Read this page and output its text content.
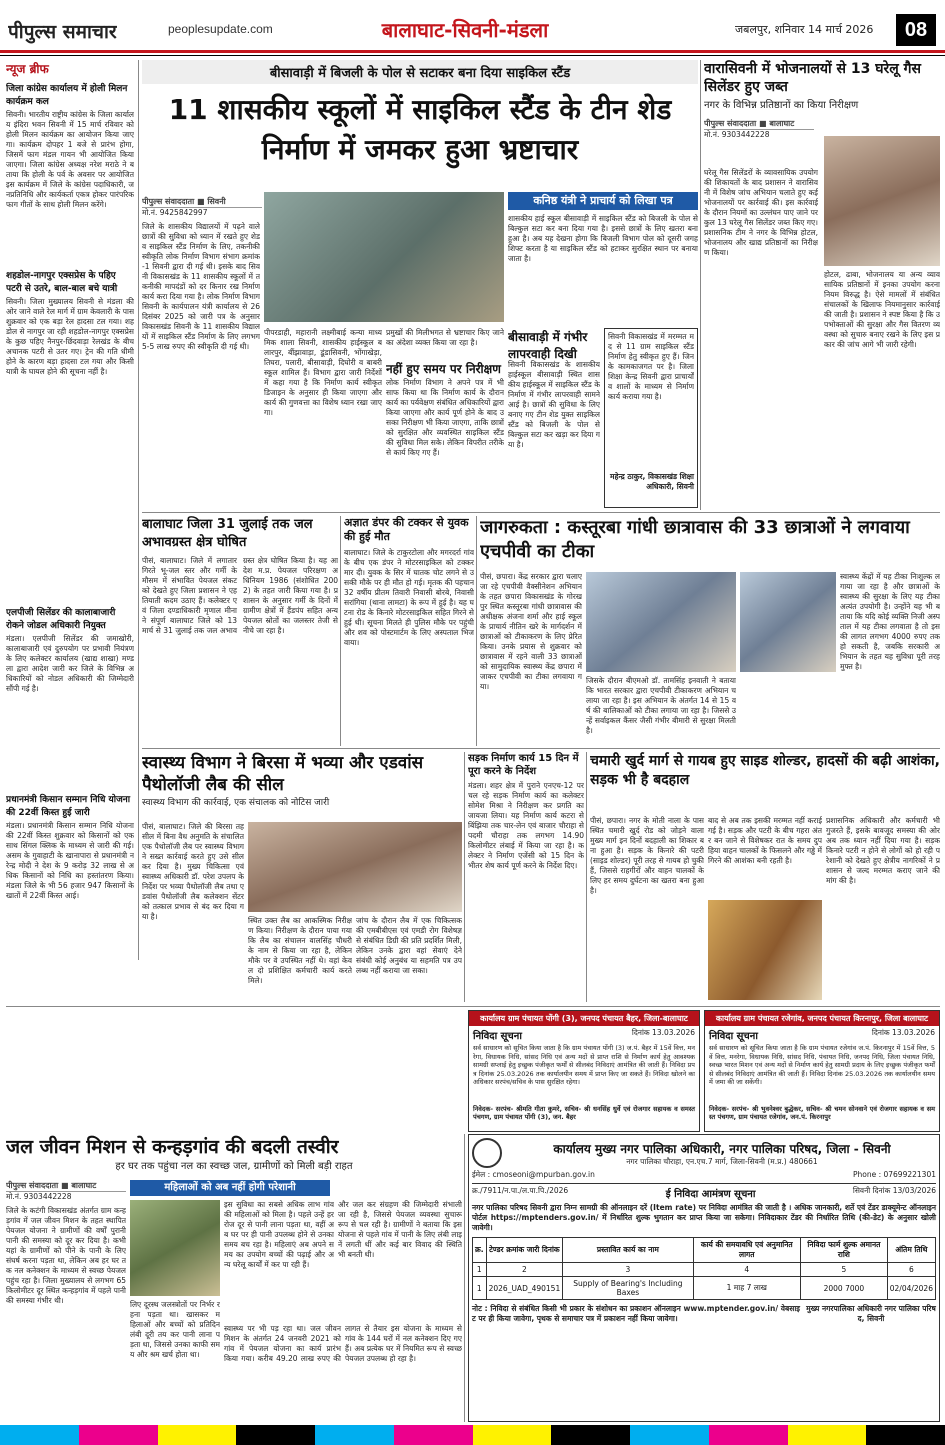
पीपुल्स समाचार	peoplesupdate.com	बालाघाट-सिवनी-मंडला	जबलपुर, शनिवार 14 मार्च 2026	08
न्यूज ब्रीफ
जिला कांग्रेस कार्यालय में होली मिलन कार्यक्रम कल
सिवनी। भारतीय राष्ट्रीय कांग्रेस के जिला कार्यालय इंदिरा भवन सिवनी में 15 मार्च रविवार को होली मिलन कार्यक्रम का आयोजन किया जाएगा। कार्यक्रम दोपहर 1 बजे से प्रारंभ होगा, जिसमें फाग मंडल गायन भी आयोजित किया जाएगा। जिला कांग्रेस अध्यक्ष नरेश मराठे ने बताया कि होली के पर्व के अवसर पर आयोजित इस कार्यक्रम में जिले के कांग्रेस पदाधिकारी, जनप्रतिनिधि और कार्यकर्ता एकत्र होकर पारंपरिक फाग गीतों के साथ होली मिलन करेंगे।
शहडोल-नागपुर एक्सप्रेस के पहिए पटरी से उतरे, बाल-बाल बचे यात्री
सिवनी। जिला मुख्यालय सिवनी से मंडला की ओर जाने वाले रेल मार्ग में ग्राम केवलारी के पास शुक्रवार को एक बड़ा रेल हादसा टल गया। शहडोल से नागपुर जा रही शहडोल-नागपुर एक्सप्रेस के कुछ पहिए नैनपुर-छिंदवाड़ा रेलखंड के बीच अचानक पटरी से उतर गए। ट्रेन की गति धीमी होने के कारण बड़ा हादसा टल गया और किसी यात्री के घायल होने की सूचना नहीं है।
एलपीजी सिलेंडर की कालाबाजारी रोकने जोडल अधिकारी नियुक्त
मंडला। एलपीजी सिलेंडर की जमाखोरी, कालाबाजारी एवं दुरुपयोग पर प्रभावी नियंत्रण के लिए कलेक्टर कार्यालय (खाद्य शाखा) मण्डला द्वारा आदेश जारी कर जिले के विभिन्न अधिकारियों को नोडल अधिकारी की जिम्मेदारी सौंपी गई है।
प्रधानमंत्री किसान सम्मान निधि योजना की 22वीं किस्त हुई जारी
मंडला। प्रधानमंत्री किसान सम्मान निधि योजना की 22वीं किस्त शुक्रवार को किसानों को एकसाथ सिंगल क्लिक के माध्यम से जारी की गई। असम के गुवाहाटी के खानापारा से प्रधानमंत्री नरेन्द्र मोदी ने देश के 9 करोड़ 32 लाख से अधिक किसानों को निधि का हस्तांतरण किया। मंडला जिले के भी 56 हजार 947 किसानों के खातों में 22वीं किस्त आई।
बीसावाड़ी में बिजली के पोल से सटाकर बना दिया साइकिल स्टैंड
11 शासकीय स्कूलों में साइकिल स्टैंड के टीन शेड निर्माण में जमकर हुआ भ्रष्टाचार
पीपुल्स संवाददाता ■ सिवनी
मो.नं. 9425842997
कनिष्ठ यंत्री ने प्राचार्य को लिखा पत्र
जिले के शासकीय विद्यालयों में पढ़ने वाले छात्रों की सुविधा को ध्यान में रखते हुए शेड व साइकिल स्टैंड निर्माण के लिए, तकनीकी स्वीकृति लोक निर्माण विभाग संभाग क्रमांक-1 सिवनी द्वारा दी गई थी। इसके बाद सिवनी विकासखंड के 11 शासकीय स्कूलों में तकनीकी मापदंडों को दर किनार रख निर्माण कार्य करा दिया गया है। लोक निर्माण विभाग सिवनी के कार्यपालन यंत्री कार्यालय से 26 दिसंबर 2025 को जारी पत्र के अनुसार विकासखंड सिवनी के 11 शासकीय विद्यालयों में साइकिल स्टैंड निर्माण के लिए लगभग 5-5 लाख रुपए की स्वीकृति दी गई थी।
पीपरडाही, महारानी लक्ष्मीबाई कन्या माध्यमिक शाला सिवनी, शासकीय हाईस्कूल बलारपुर, बींझावाड़ा, डूंडासिवनी, भोंगाखेड़ा, तिघरा, पलारी, बीसावाड़ी, दिघोरी व बाबरी स्कूल शामिल हैं। विभाग द्वारा जारी निर्देशों में कहा गया है कि निर्माण कार्य स्वीकृत डिजाइन के अनुसार ही किया जाएगा और कार्य की गुणवत्ता का विशेष ध्यान रखा जाएगा।
प्रमुखों की मिलीभगत से भ्रष्टाचार किए जाने का अंदेशा व्यक्त किया जा रहा है।
नहीं हुए समय पर निरीक्षण
लोक निर्माण विभाग ने अपने पत्र में भी साफ किया था कि निर्माण कार्य के दौरान कार्य का पर्यवेक्षण संबंधित अधिकारियों द्वारा किया जाएगा और कार्य पूर्ण होने के बाद उसका निरीक्षण भी किया जाएगा, ताकि छात्रों को सुरक्षित और व्यवस्थित साइकिल स्टैंड की सुविधा मिल सके। लेकिन विपरीत तरीके से कार्य किए गए हैं।
शासकीय हाई स्कूल बीसावाड़ी में साइकिल स्टैंड को बिजली के पोल से बिल्कुल सटा कर बना दिया गया है। इससे छात्रों के लिए खतरा बना हुआ है। अब यह देखना होगा कि बिजली विभाग पोल को दूसरी जगह शिफ्ट करता है या साइकिल स्टैंड को हटाकर सुरक्षित स्थान पर बनाया जाता है।
बीसावाड़ी में गंभीर लापरवाही दिखी
सिवनी विकासखंड के शासकीय हाईस्कूल बीसावाड़ी स्थित शासकीय हाईस्कूल में साइकिल स्टैंड के निर्माण में गंभीर लापरवाही सामने आई है। छात्रों की सुविधा के लिए बनाए गए टीन शेड युक्त साइकिल स्टैंड को बिजली के पोल से बिल्कुल सटा कर खड़ा कर दिया गया है।
सिवनी विकासखंड में मरम्मत मद से 11 ग्राम साइकिल स्टैंड निर्माण हेतु स्वीकृत हुए हैं। जिनके कामकाजगत पर है। जिला शिक्षा केन्द्र सिवनी द्वारा प्राचार्यों व शालों के माध्यम से निर्माण कार्य कराया गया है।
महेन्द्र ठाकुर, विकासखंड शिक्षा अधिकारी, सिवनी
वारासिवनी में भोजनालयों से 13 घरेलू गैस सिलेंडर हुए जब्त
नगर के विभिन्न प्रतिष्ठानों का किया निरीक्षण
पीपुल्स संवाददाता ■ बालाघाट
मो.नं. 9303442228
घरेलू गैस सिलेंडरों के व्यावसायिक उपयोग की शिकायतों के बाद प्रशासन ने वारासिवनी में विशेष जांच अभियान चलाते हुए कई भोजनालयों पर कार्रवाई की। इस कार्रवाई के दौरान नियमों का उल्लंघन पाए जाने पर कुल 13 घरेलू गैस सिलेंडर जब्त किए गए। प्रशासनिक टीम ने नगर के विभिन्न होटल, भोजनालय और खाद्य प्रतिष्ठानों का निरीक्षण किया।
होटल, ढाबा, भोजनालय या अन्य व्यावसायिक प्रतिष्ठानों में इनका उपयोग करना नियम विरुद्ध है। ऐसे मामलों में संबंधित संचालकों के खिलाफ नियमानुसार कार्रवाई की जाती है। प्रशासन ने स्पष्ट किया है कि उपभोक्ताओं की सुरक्षा और गैस वितरण व्यवस्था को सुचारु बनाए रखने के लिए इस प्रकार की जांच आगे भी जारी रहेगी।
बालाघाट जिला 31 जुलाई तक जल अभावग्रस्त क्षेत्र घोषित
पीसं, बालाघाट। जिले में लगातार गिरते भू-जल स्तर और गर्मी के मौसम में संभावित पेयजल संकट को देखते हुए जिला प्रशासन ने एहतियाती कदम उठाए हैं। कलेक्टर एवं जिला दण्डाधिकारी मृणाल मीना ने संपूर्ण बालाघाट जिले को 13 मार्च से 31 जुलाई तक जल अभावग्रस्त क्षेत्र घोषित किया है। यह आदेश म.प्र. पेयजल परिरक्षण अधिनियम 1986 (संशोधित 2002) के तहत जारी किया गया है। प्रशासन के अनुसार गर्मी के दिनों में ग्रामीण क्षेत्रों में हैंडपंप सहित अन्य पेयजल स्रोतों का जलस्तर तेजी से नीचे जा रहा है।
अज्ञात डंपर की टक्कर से युवक की हुई मौत
बालाघाट। जिले के टाकुरटोला और मगरदर्रा गांव के बीच एक डंपर ने मोटरसाइकिल को टक्कर मार दी। युवक के सिर में घातक चोट लगने से उसकी मौके पर ही मौत हो गई। मृतक की पहचान 32 वर्षीय प्रीतम तिवारी निवासी बोरबे, निवासी सरांगिया (थाना लामटा) के रूप में हुई है। यह घटना रोड के किनारे मोटरसाइकिल सहित गिरने से हुई थी। सूचना मिलते ही पुलिस मौके पर पहुंची और शव को पोस्टमार्टम के लिए अस्पताल भिजवाया।
जागरुकता : कस्तूरबा गांधी छात्रावास की 33 छात्राओं ने लगवाया एचपीवी का टीका
पीसं, छपारा। केंद्र सरकार द्वारा चलाए जा रहे एचपीवी वैक्सीनेशन अभियान के तहत छपारा विकासखंड के गोरखपुर स्थित कस्तूरबा गांधी छात्रावास की अधीक्षक अंजना शर्मा और हाई स्कूल के प्राचार्य नीतिन खरे के मार्गदर्शन में छात्राओं को टीकाकरण के लिए प्रेरित किया। उनके प्रयास से शुक्रवार को छात्रावास में रहने वाली 33 छात्राओं को सामुदायिक स्वास्थ्य केंद्र छपारा में जाकर एचपीवी का टीका लगवाया गया।
जिसके दौरान बीएमओ डॉ. तामसिंह इनवाती ने बताया कि भारत सरकार द्वारा एचपीवी टीकाकरण अभियान चलाया जा रहा है। इस अभियान के अंतर्गत 14 से 15 वर्ष की बालिकाओं को टीका लगाया जा रहा है। जिससे उन्हें सर्वाइकल कैंसर जैसी गंभीर बीमारी से सुरक्षा मिलती है।
स्वास्थ्य केंद्रों में यह टीका निःशुल्क लगाया जा रहा है और छात्राओं के स्वास्थ्य की सुरक्षा के लिए यह टीका अत्यंत उपयोगी है। उन्होंने यह भी बताया कि यदि कोई व्यक्ति निजी अस्पताल में यह टीका लगवाता है तो इसकी लागत लगभग 4000 रुपए तक हो सकती है, जबकि सरकारी अभियान के तहत यह सुविधा पूरी तरह मुफ्त है।
स्वास्थ्य विभाग ने बिरसा में भव्या और एडवांस पैथोलॉजी लैब की सील
स्वास्थ्य विभाग की कार्रवाई, एक संचालक को नोटिस जारी
पीसं, बालाघाट। जिले की बिरसा तहसील में बिना वैध अनुमति के संचालित एक पैथोलॉजी लैब पर स्वास्थ्य विभाग ने सख्त कार्रवाई करते हुए उसे सील कर दिया है। मुख्य चिकित्सा एवं स्वास्थ्य अधिकारी डॉ. परेश उपलप के निर्देश पर भव्या पैथोलॉजी लैब तथा एडवांस पैथोलॉजी लैब कलेक्शन सेंटर को तत्काल प्रभाव से बंद कर दिया गया है।	स्थित उक्त लैब का आकस्मिक निरीक्षण किया। निरीक्षण के दौरान पाया गया कि लैब का संचालन वालसिंह चौधरी के नाम से किया जा रहा है, लेकिन मौके पर वे उपस्थित नहीं थे। वहां केवल दो प्रशिक्षित कर्मचारी कार्य करते मिले।
जांच के दौरान लैब में एक चिकित्सक की एमबीबीएस एवं एमडी रोग विशेषज्ञ से संबंधित डिग्री की प्रति प्रदर्शित मिली, लेकिन उनके द्वारा वहां सेवाएं देने संबंधी कोई अनुबंध या सहमति पत्र उपलब्ध नहीं कराया जा सका।
सड़क निर्माण कार्य 15 दिन में पूरा करने के निर्देश
मंडला। शहर क्षेत्र में पुराने एनएच-12 पर चल रहे सड़क निर्माण कार्य का कलेक्टर सोमेश मिश्रा ने निरीक्षण कर प्रगति का जायजा लिया। यह निर्माण कार्य कटरा से बिंझिया तक चार-लेन एवं बाजार चौराहा से पदमी चौराहा तक लगभग 14.90 किलोमीटर लंबाई में किया जा रहा है। कलेक्टर ने निर्माण एजेंसी को 15 दिन के भीतर शेष कार्य पूर्ण करने के निर्देश दिए।
चमारी खुर्द मार्ग से गायब हुए साइड शोल्डर, हादसों की बढ़ी आशंका, सड़क भी है बदहाल
पीसं, छपारा। नगर के मोती नाला के पास स्थित चमारी खुर्द रोड को जोड़ने वाला मुख्य मार्ग इन दिनों बदहाली का शिकार बना हुआ है। सड़क के किनारे की पटरी (साइड शोल्डर) पूरी तरह से गायब हो चुकी हैं, जिससे राहगीरों और वाहन चालकों के लिए हर समय दुर्घटना का खतरा बना हुआ है।
बाद से अब तक इसकी मरम्मत नहीं कराई गई है। सड़क और पटरी के बीच गहरा अंतर बन जाने से विशेषकर रात के समय दुपहिया वाहन चालकों के फिसलने और गड्ढे में गिरने की आशंका बनी रहती है।
प्रशासनिक अधिकारी और कर्मचारी भी गुजरते हैं, इसके बावजूद समस्या की ओर अब तक ध्यान नहीं दिया गया है। सड़क किनारे पटरी न होने से लोगों को हो रही परेशानी को देखते हुए क्षेत्रीय नागरिकों ने प्रशासन से जल्द मरम्मत कराए जाने की मांग की है।
कार्यालय ग्राम पंचायत पोंगी (3), जनपद पंचायत बैहर, जिला-बालाघाट
निविदा सूचना	दिनांक 13.03.2026
सर्व साधारण को सूचित किया जाता है कि ग्राम पंचायत पोंगी (3) ज.पं. बैहर में 15वें वित्त, मनरेगा, विधायक निधि, सांसद निधि एवं अन्य मदों से प्राप्त राशि से निर्माण कार्य हेतु आवश्यक सामग्री सप्लाई हेतु इच्छुक पंजीकृत फर्मों से सीलबंद निविदाएं आमंत्रित की जाती हैं। निविदा प्रपत्र दिनांक 25.03.2026 तक कार्यालयीन समय में प्राप्त किए जा सकते हैं। निविदा खोलने का अधिकार सरपंच/सचिव के पास सुरक्षित रहेगा।
निवेदक- सरपंच- श्रीमति गीता कुमरे, सचिव- श्री धनसिंह धुर्वे एवं रोजगार सहायक व समस्त पंचगण, ग्राम पंचायत पोंगी (3), जन. बैहर
कार्यालय ग्राम पंचायत रजेगांव, जनपद पंचायत किरनापुर, जिला बालाघाट
निविदा सूचना	दिनांक 13.03.2026
सर्व साधारण को सूचित किया जाता है कि ग्राम पंचायत रजेगांव ज.पं. किरनापुर में 15वें वित्त, 5वें वित्त, मनरेगा, विधायक निधि, सांसद निधि, पंचायत निधि, जनपद निधि, जिला पंचायत निधि, स्वच्छ भारत मिशन एवं अन्य मदों से निर्माण कार्य हेतु सामग्री प्रदाय के लिए इच्छुक पंजीकृत फर्मों से सीलबंद निविदाएं आमंत्रित की जाती हैं। निविदा दिनांक 25.03.2026 तक कार्यालयीन समय में जमा की जा सकेंगी।
निवेदक- सरपंच- श्री भुवनेश्वर बुद्धेकर, सचिव- श्री चमन सोनवाने एवं रोजगार सहायक व समस्त पंचगण, ग्राम पंचायत रजेगांव, जन.पं. किरनापुर
जल जीवन मिशन से कन्हड़गांव की बदली तस्वीर
हर घर तक पहुंचा नल का स्वच्छ जल, ग्रामीणों को मिली बड़ी राहत
पीपुल्स संवाददाता ■ बालाघाट
मो.नं. 9303442228
जिले के कटंगी विकासखंड अंतर्गत ग्राम कन्हड़गांव में जल जीवन मिशन के तहत स्थापित पेयजल योजना ने ग्रामीणों की वर्षों पुरानी पानी की समस्या को दूर कर दिया है। कभी यहां के ग्रामीणों को पीने के पानी के लिए संघर्ष करना पड़ता था, लेकिन अब हर घर तक नल कनेक्शन के माध्यम से स्वच्छ पेयजल पहुंच रहा है। जिला मुख्यालय से लगभग 65 किलोमीटर दूर स्थित कन्हड़गांव में पहले पानी की समस्या गंभीर थी।
महिलाओं को अब नहीं होगी परेशानी
लिए दूरस्थ जलस्त्रोतों पर निर्भर रहना पड़ता था। खासकर महिलाओं और बच्चों को प्रतिदिन लंबी दूरी तय कर पानी लाना पड़ता था, जिससे उनका काफी समय और श्रम खर्च होता था।
इस सुविधा का सबसे अधिक लाभ गांव की महिलाओं को मिला है। पहले उन्हें हर रोज दूर से पानी लाना पड़ता था, वहीं अब घर पर ही पानी उपलब्ध होने से उनका समय बच रहा है। महिलाएं अब अपने समय का उपयोग बच्चों की पढ़ाई और अन्य घरेलू कार्यों में कर पा रही हैं।
और जल कर संग्रहण की जिम्मेदारी संभाली जा रही है, जिससे पेयजल व्यवस्था सुचारू रूप से चल रही है। ग्रामीणों ने बताया कि इस योजना से पहले गांव में पानी के लिए लंबी लाइनें लगती थीं और कई बार विवाद की स्थिति भी बनती थी।
स्वास्थ्य पर भी पड़ रहा था। जल जीवन मिशन के अंतर्गत 24 जनवरी 2021 को गांव में पेयजल योजना का कार्य प्रारंभ किया गया। करीब 49.20 लाख रुपए की लागत से तैयार इस योजना के माध्यम से गांव के 144 घरों में नल कनेक्शन दिए गए हैं। अब प्रत्येक घर में नियमित रूप से स्वच्छ पेयजल उपलब्ध हो रहा है।
कार्यालय मुख्य नगर पालिका अधिकारी, नगर पालिका परिषद, जिला - सिवनी
नगर पालिका चौराहा, एन.एच.7 मार्ग, जिला-सिवनी (म.प्र.) 480661
ईमेल : cmoseoni@mpurban.gov.in	Phone : 07699221301
क्र./7911/न.पा./ल.पा.पि./2026	ई निविदा आमंत्रण सूचना	सिवनी दिनांक 13/03/2026
नगर पालिका परिषद सिवनी द्वारा निम्न सामग्री की ऑनलाइन दरें (Item rate) पर निविदा आमंत्रित की जाती है । अधिक जानकारी, शर्ते एवं टेंडर डाक्यूमेन्ट ऑनलाइन पोर्टल https://mptenders.gov.in/ में निर्धारित शुल्क भुगतान कर प्राप्त किया जा सकेगा। निविदाकार टेंडर की निर्धारित तिथि (की-डेट) के अनुसार खोली जावेगी।
क्र.	टेण्डर क्रमांक जारी दिनांक	प्रस्तावित कार्य का नाम	कार्य की समयावधि एवं अनुमानित लागत	निविदा फार्म शुल्क अमानत राशि	अंतिम तिथि
1	2	3	4	5	6
1	2026_UAD_490151	Supply of Bearing's Including Baxes	1 माह 7 लाख	2000 7000	02/04/2026
नोट : निविदा से संबंधित किसी भी प्रकार के संशोधन का प्रकाशन ऑनलाइन www.mptender.gov.in/ वेबसाइट पर ही किया जावेगा, पृथक से समाचार पत्र में प्रकाशन नहीं किया जावेगा।
मुख्य नगरपालिका अधिकारी नगर पालिका परिषद, सिवनी
